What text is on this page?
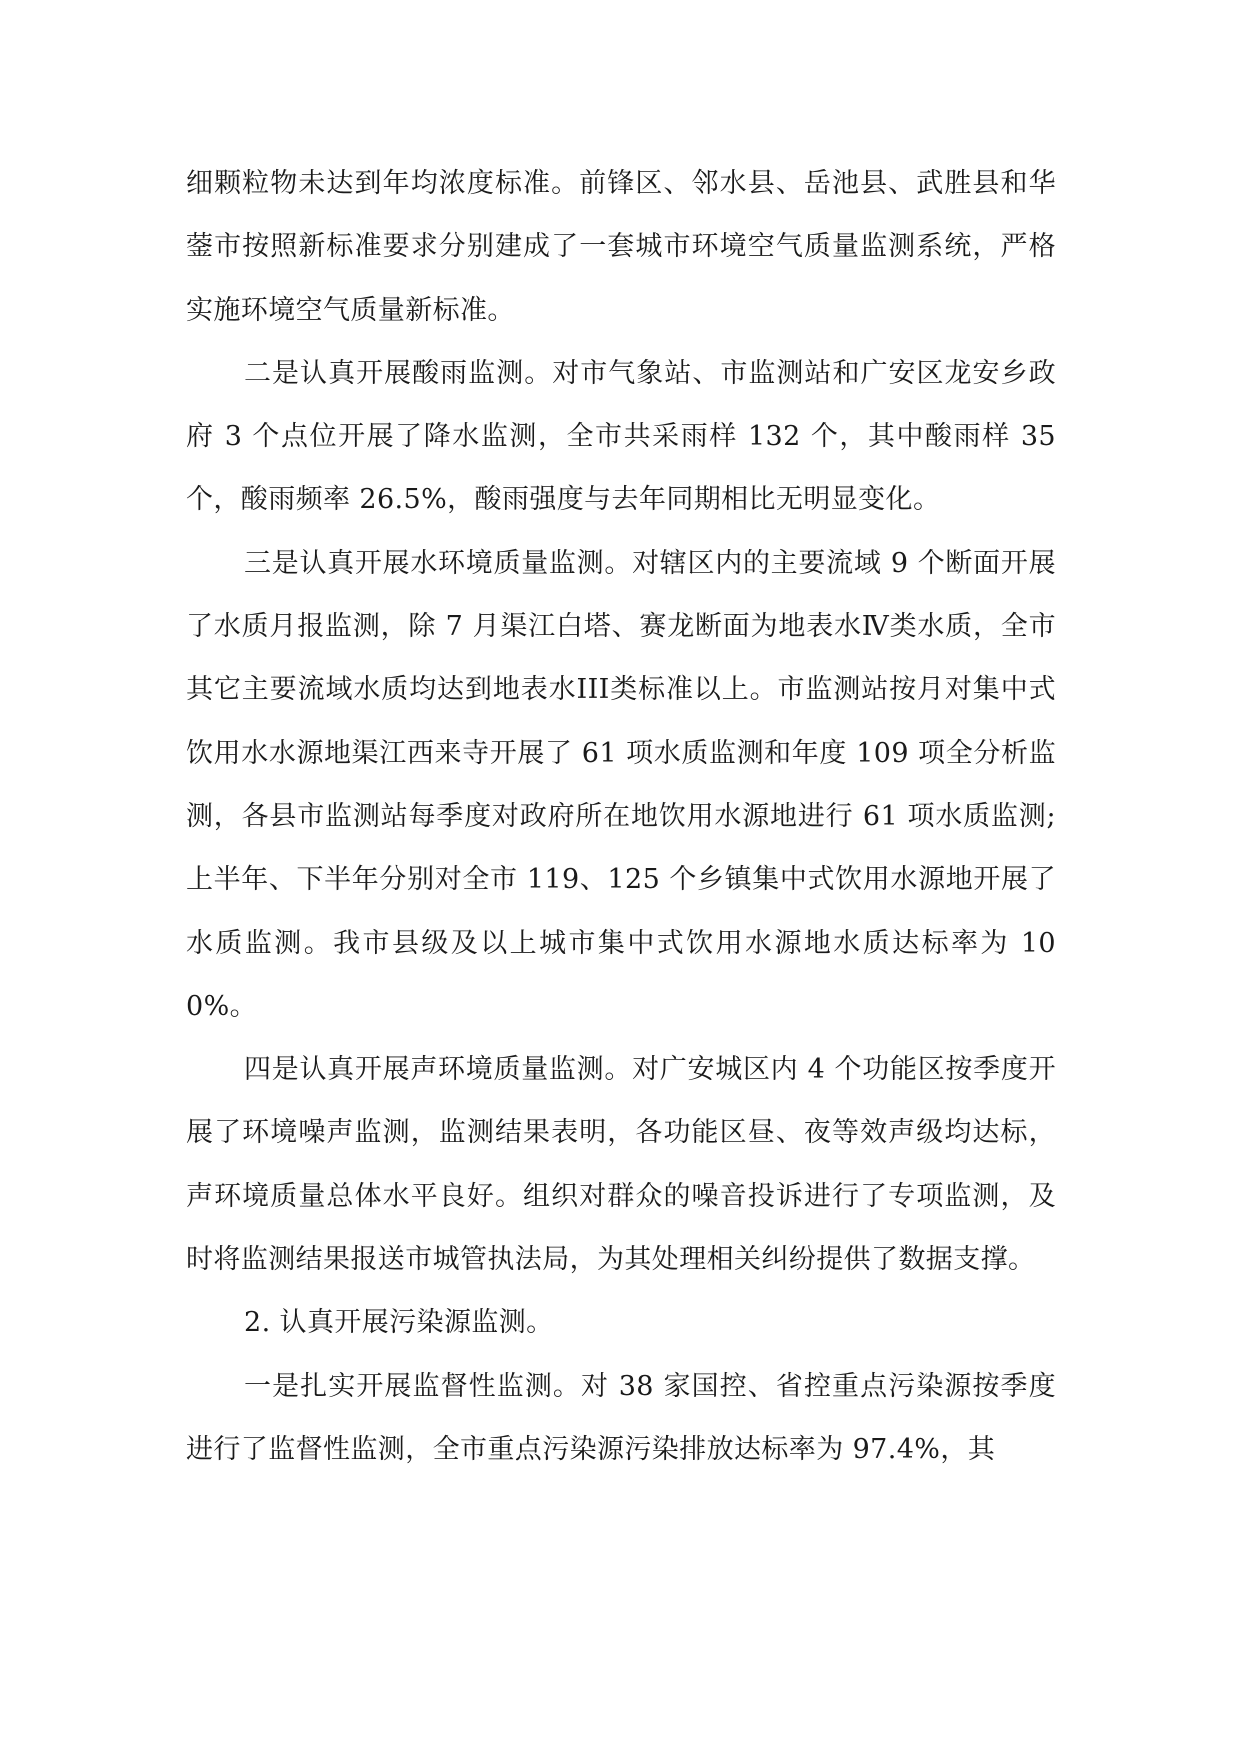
细颗粒物未达到年均浓度标准。前锋区、邻水县、岳池县、武胜县和华蓥市按照新标准要求分别建成了一套城市环境空气质量监测系统，严格实施环境空气质量新标准。

二是认真开展酸雨监测。对市气象站、市监测站和广安区龙安乡政府 3 个点位开展了降水监测，全市共采雨样 132 个，其中酸雨样 35 个，酸雨频率 26.5%，酸雨强度与去年同期相比无明显变化。

三是认真开展水环境质量监测。对辖区内的主要流域 9 个断面开展了水质月报监测，除 7 月渠江白塔、赛龙断面为地表水Ⅳ类水质，全市其它主要流域水质均达到地表水III类标准以上。市监测站按月对集中式饮用水水源地渠江西来寺开展了 61 项水质监测和年度 109 项全分析监测，各县市监测站每季度对政府所在地饮用水源地进行 61 项水质监测;上半年、下半年分别对全市 119、125 个乡镇集中式饮用水源地开展了水质监测。我市县级及以上城市集中式饮用水源地水质达标率为 100%。

四是认真开展声环境质量监测。对广安城区内 4 个功能区按季度开展了环境噪声监测，监测结果表明，各功能区昼、夜等效声级均达标，声环境质量总体水平良好。组织对群众的噪音投诉进行了专项监测，及时将监测结果报送市城管执法局，为其处理相关纠纷提供了数据支撑。

2. 认真开展污染源监测。

一是扎实开展监督性监测。对 38 家国控、省控重点污染源按季度进行了监督性监测，全市重点污染源污染排放达标率为 97.4%，其
